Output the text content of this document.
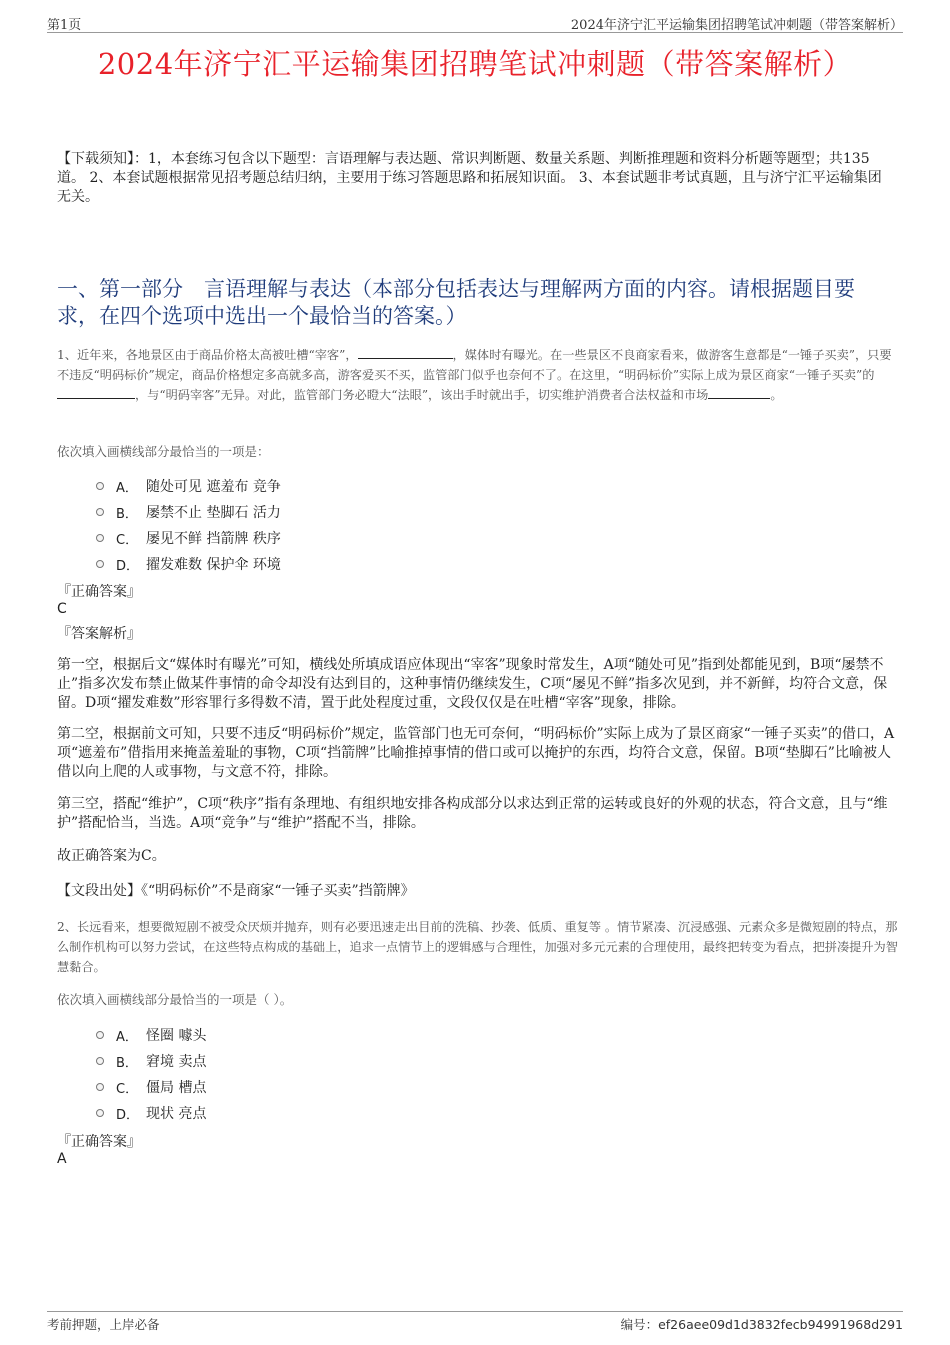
第1页	2024年济宁汇平运输集团招聘笔试冲刺题（带答案解析）
2024年济宁汇平运输集团招聘笔试冲刺题（带答案解析）
【下载须知】：1，本套练习包含以下题型：言语理解与表达题、常识判断题、数量关系题、判断推理题和资料分析题等题型；共135道。 2、本套试题根据常见招考题总结归纳，主要用于练习答题思路和拓展知识面。 3、本套试题非考试真题，且与济宁汇平运输集团无关。
一、第一部分　言语理解与表达（本部分包括表达与理解两方面的内容。请根据题目要求，在四个选项中选出一个最恰当的答案。）
1、近年来，各地景区由于商品价格太高被吐槽“宰客”，	，媒体时有曝光。在一些景区不良商家看来，做游客生意都是“一锤子买卖”，只要不违反“明码标价”规定，商品价格想定多高就多高，游客爱买不买，监管部门似乎也奈何不了。在这里，“明码标价”实际上成为景区商家“一锤子买卖”的，与“明码宰客”无异。对此，监管部门务必瞪大“法眼”，该出手时就出手，切实维护消费者合法权益和市场	。
依次填入画横线部分最恰当的一项是：
A． 随处可见 遮羞布 竞争
B． 屡禁不止 垫脚石 活力
C． 屡见不鲜 挡箭牌 秩序
D． 擢发难数 保护伞 环境
『正确答案』
C
『答案解析』
第一空，根据后文“媒体时有曝光”可知，横线处所填成语应体现出“宰客”现象时常发生，A项“随处可见”指到处都能见到，B项“屡禁不止”指多次发布禁止做某件事情的命令却没有达到目的，这种事情仍继续发生，C项“屡见不鲜”指多次见到，并不新鲜，均符合文意，保留。D项“擢发难数”形容罪行多得数不清，置于此处程度过重，文段仅仅是在吐槽“宰客”现象，排除。
第二空，根据前文可知，只要不违反“明码标价”规定，监管部门也无可奈何，“明码标价”实际上成为了景区商家“一锤子买卖”的借口，A项“遮羞布”借指用来掩盖羞耻的事物，C项“挡箭牌”比喻推掉事情的借口或可以掩护的东西，均符合文意，保留。B项“垫脚石”比喻被人借以向上爬的人或事物，与文意不符，排除。
第三空，搭配“维护”，C项“秩序”指有条理地、有组织地安排各构成部分以求达到正常的运转或良好的外观的状态，符合文意，且与“维护”搭配恰当，当选。A项“竞争”与“维护”搭配不当，排除。
故正确答案为C。
【文段出处】《“明码标价”不是商家“一锤子买卖”挡箭牌》
2、长远看来，想要微短剧不被受众厌烦并抛弃，则有必要迅速走出目前的洗稿、抄袭、低质、重复等 。情节紧凑、沉浸感强、元素众多是微短剧的特点，那么制作机构可以努力尝试，在这些特点构成的基础上，追求一点情节上的逻辑感与合理性，加强对多元元素的合理使用，最终把转变为看点，把拼凑提升为智慧黏合。
依次填入画横线部分最恰当的一项是（ ）。
A． 怪圈 噱头
B． 窘境 卖点
C． 僵局 槽点
D． 现状 亮点
『正确答案』
A
考前押题，上岸必备	编号：ef26aee09d1d3832fecb94991968d291
